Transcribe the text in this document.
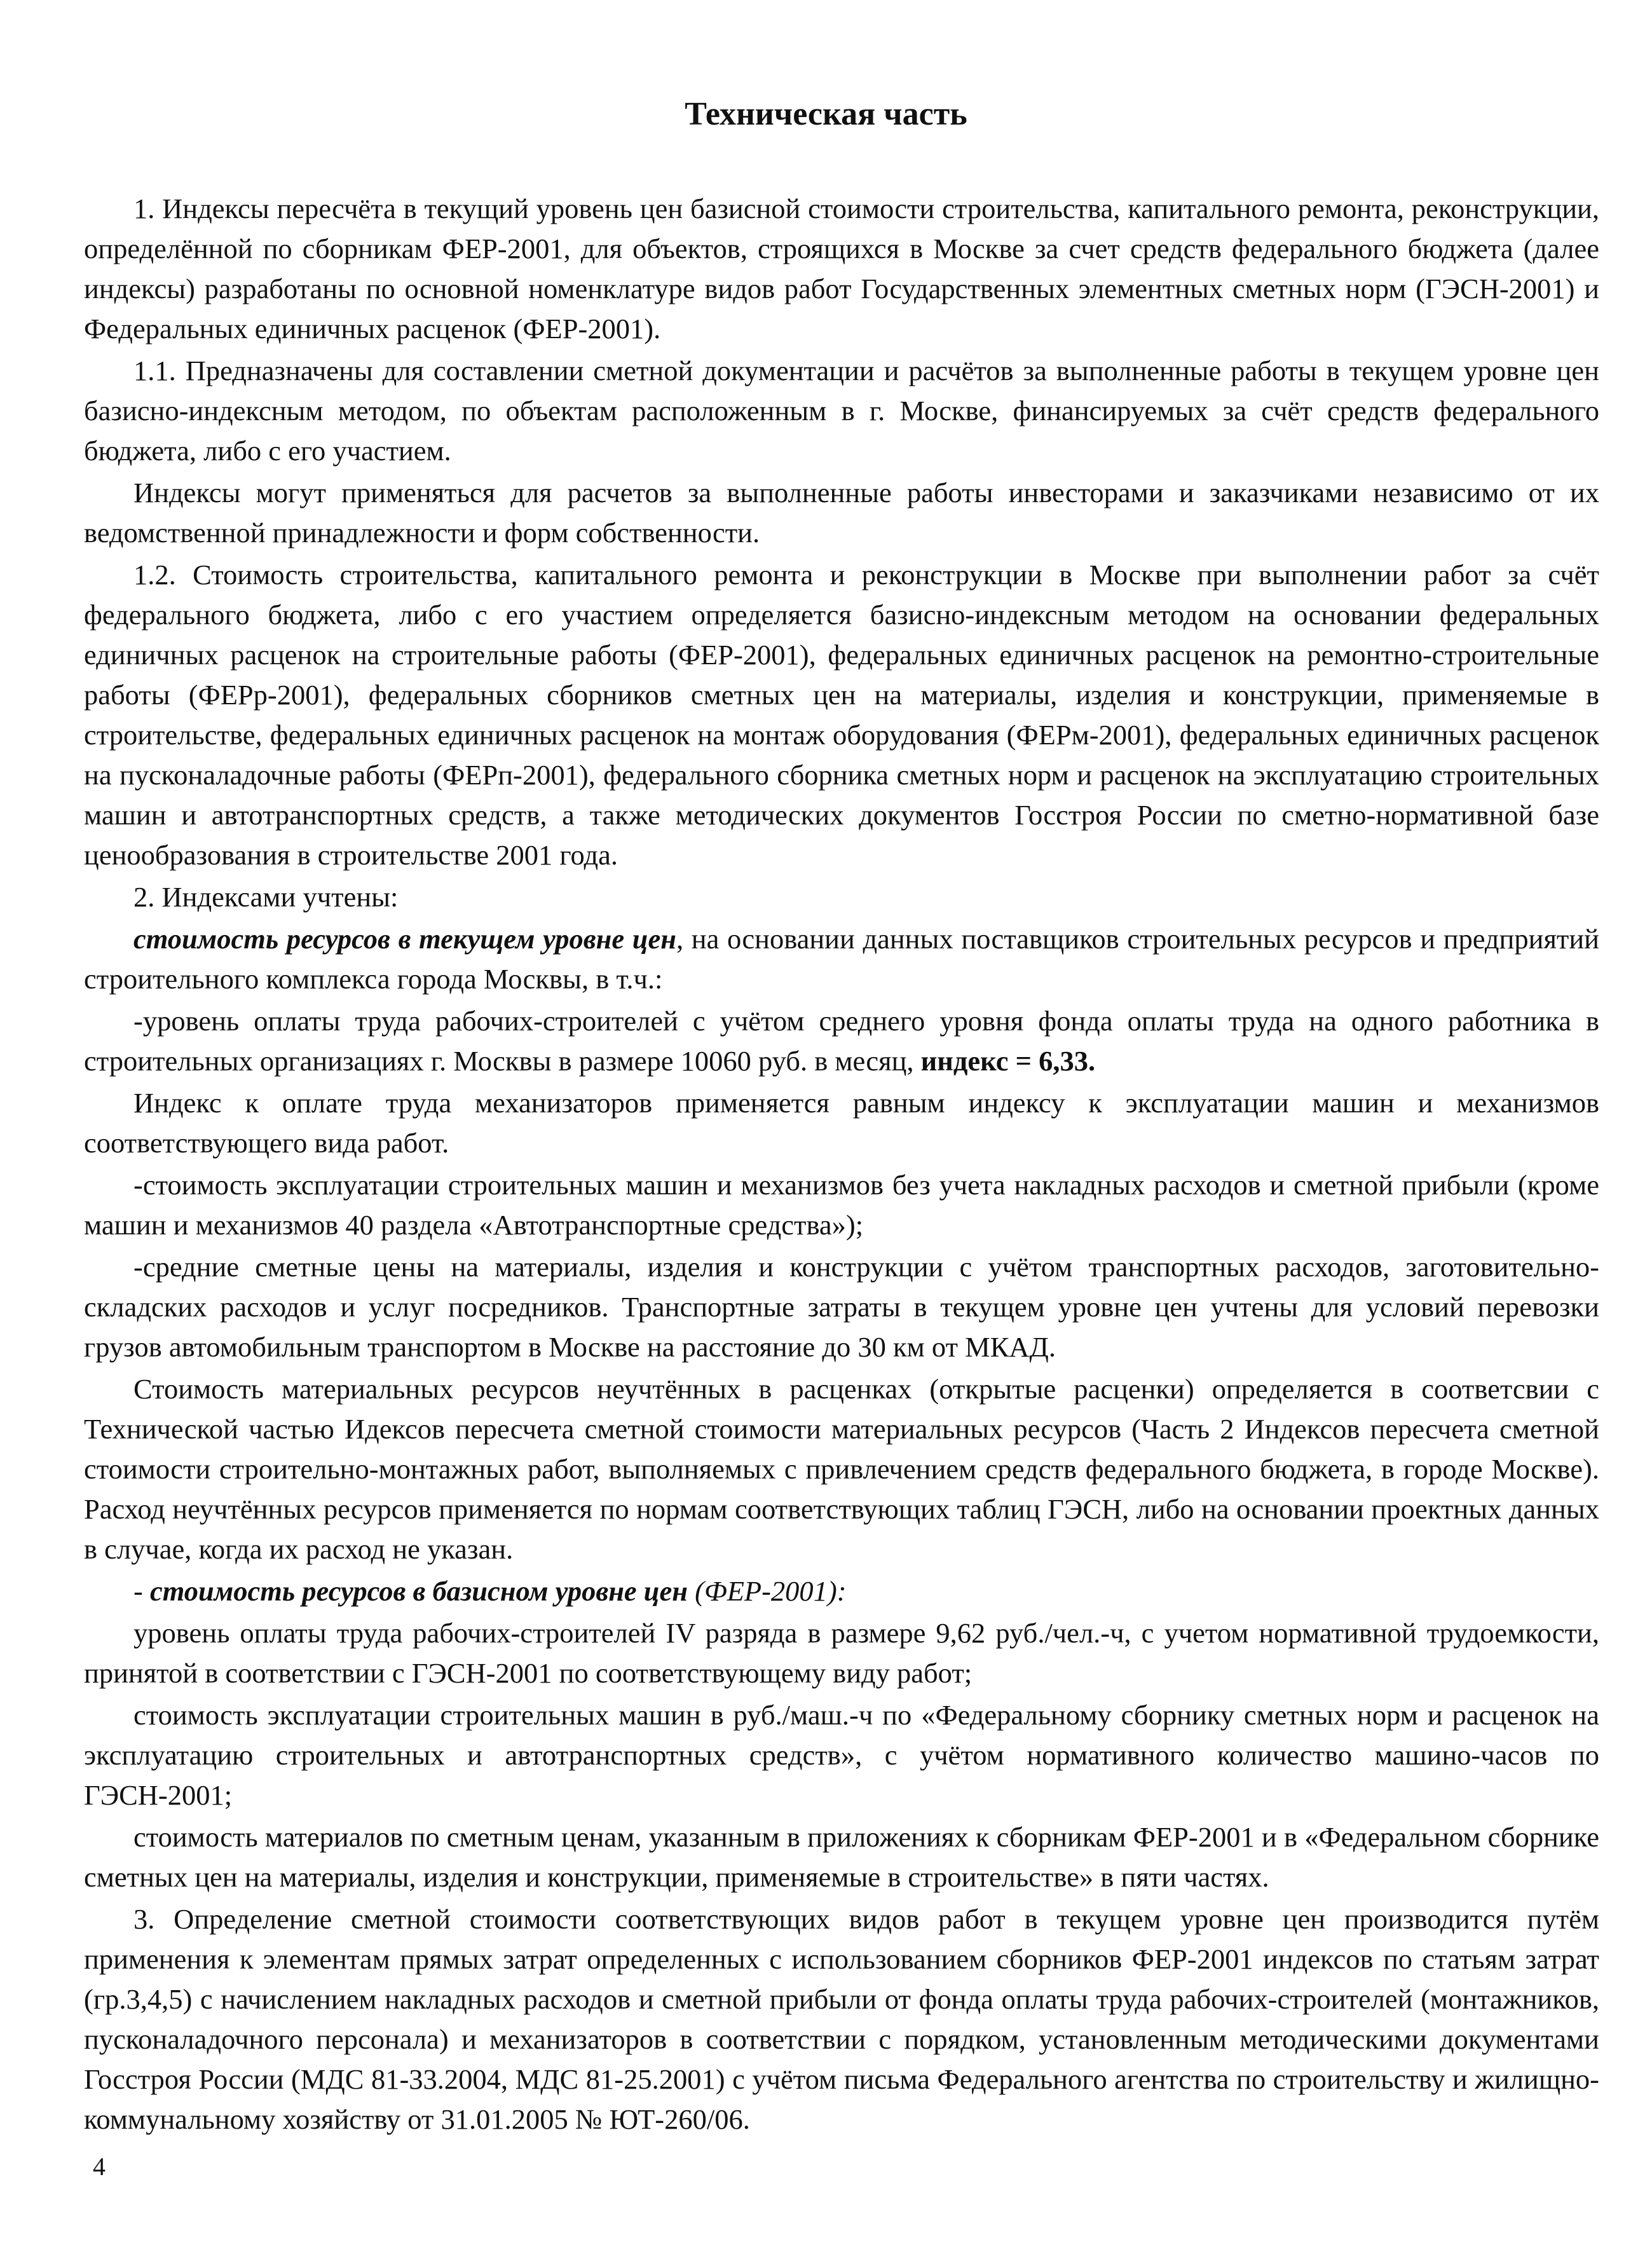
Техническая часть

1. Индексы пересчёта в текущий уровень цен базисной стоимости строительства, капитального ремонта, реконструкции, определённой по сборникам ФЕР-2001, для объектов, строящихся в Москве за счет средств федерального бюджета (далее индексы) разработаны по основной номенклатуре видов работ Государственных элементных сметных норм (ГЭСН-2001) и Федеральных единичных расценок (ФЕР-2001).

1.1. Предназначены для составлении сметной документации и расчётов за выполненные работы в текущем уровне цен базисно-индексным методом, по объектам расположенным в г. Москве, финансируемых за счёт средств федерального бюджета, либо с его участием.

Индексы могут применяться для расчетов за выполненные работы инвесторами и заказчиками независимо от их ведомственной принадлежности и форм собственности.

1.2. Стоимость строительства, капитального ремонта и реконструкции в Москве при выполнении работ за счёт федерального бюджета, либо с его участием определяется базисно-индексным методом на основании федеральных единичных расценок на строительные работы (ФЕР-2001), федеральных единичных расценок на ремонтно-строительные работы (ФЕРр-2001), федеральных сборников сметных цен на материалы, изделия и конструкции, применяемые в строительстве, федеральных единичных расценок на монтаж оборудования (ФЕРм-2001), федеральных единичных расценок на пусконаладочные работы (ФЕРп-2001), федерального сборника сметных норм и расценок на эксплуатацию строительных машин и автотранспортных средств, а также методических документов Госстроя России по сметно-нормативной базе ценообразования в строительстве 2001 года.

2. Индексами учтены:

стоимость ресурсов в текущем уровне цен, на основании данных поставщиков строительных ресурсов и предприятий строительного комплекса города Москвы, в т.ч.:

-уровень оплаты труда рабочих-строителей с учётом среднего уровня фонда оплаты труда на одного работника в строительных организациях г. Москвы в размере 10060 руб. в месяц, индекс = 6,33.

Индекс к оплате труда механизаторов применяется равным индексу к эксплуатации машин и механизмов соответствующего вида работ.

-стоимость эксплуатации строительных машин и механизмов без учета накладных расходов и сметной прибыли (кроме машин и механизмов 40 раздела «Автотранспортные средства»);

-средние сметные цены на материалы, изделия и конструкции с учётом транспортных расходов, заготовительно-складских расходов и услуг посредников. Транспортные затраты в текущем уровне цен учтены для условий перевозки грузов автомобильным транспортом в Москве на расстояние до 30 км от МКАД.

Стоимость материальных ресурсов неучтённых в расценках (открытые расценки) определяется в соответсвии с Технической частью Идексов пересчета сметной стоимости материальных ресурсов (Часть 2 Индексов пересчета сметной стоимости строительно-монтажных работ, выполняемых с привлечением средств федерального бюджета, в городе Москве). Расход неучтённых ресурсов применяется по нормам соответствующих таблиц ГЭСН, либо на основании проектных данных в случае, когда их расход не указан.

- стоимость ресурсов в базисном уровне цен (ФЕР-2001):

уровень оплаты труда рабочих-строителей IV разряда в размере 9,62 руб./чел.-ч, с учетом нормативной трудоемкости, принятой в соответствии с ГЭСН-2001 по соответствующему виду работ;

стоимость эксплуатации строительных машин в руб./маш.-ч по «Федеральному сборнику сметных норм и расценок на эксплуатацию строительных и автотранспортных средств», с учётом нормативного количество машино-часов по ГЭСН-2001;

стоимость материалов по сметным ценам, указанным в приложениях к сборникам ФЕР-2001 и в «Федеральном сборнике сметных цен на материалы, изделия и конструкции, применяемые в строительстве» в пяти частях.

3. Определение сметной стоимости соответствующих видов работ в текущем уровне цен производится путём применения к элементам прямых затрат определенных с использованием сборников ФЕР-2001 индексов по статьям затрат (гр.3,4,5) с начислением накладных расходов и сметной прибыли от фонда оплаты труда рабочих-строителей (монтажников, пусконаладочного персонала) и механизаторов в соответствии с порядком, установленным методическими документами Госстроя России (МДС 81-33.2004, МДС 81-25.2001) с учётом письма Федерального агентства по строительству и жилищно-коммунальному хозяйству от 31.01.2005 № ЮТ-260/06.

4
